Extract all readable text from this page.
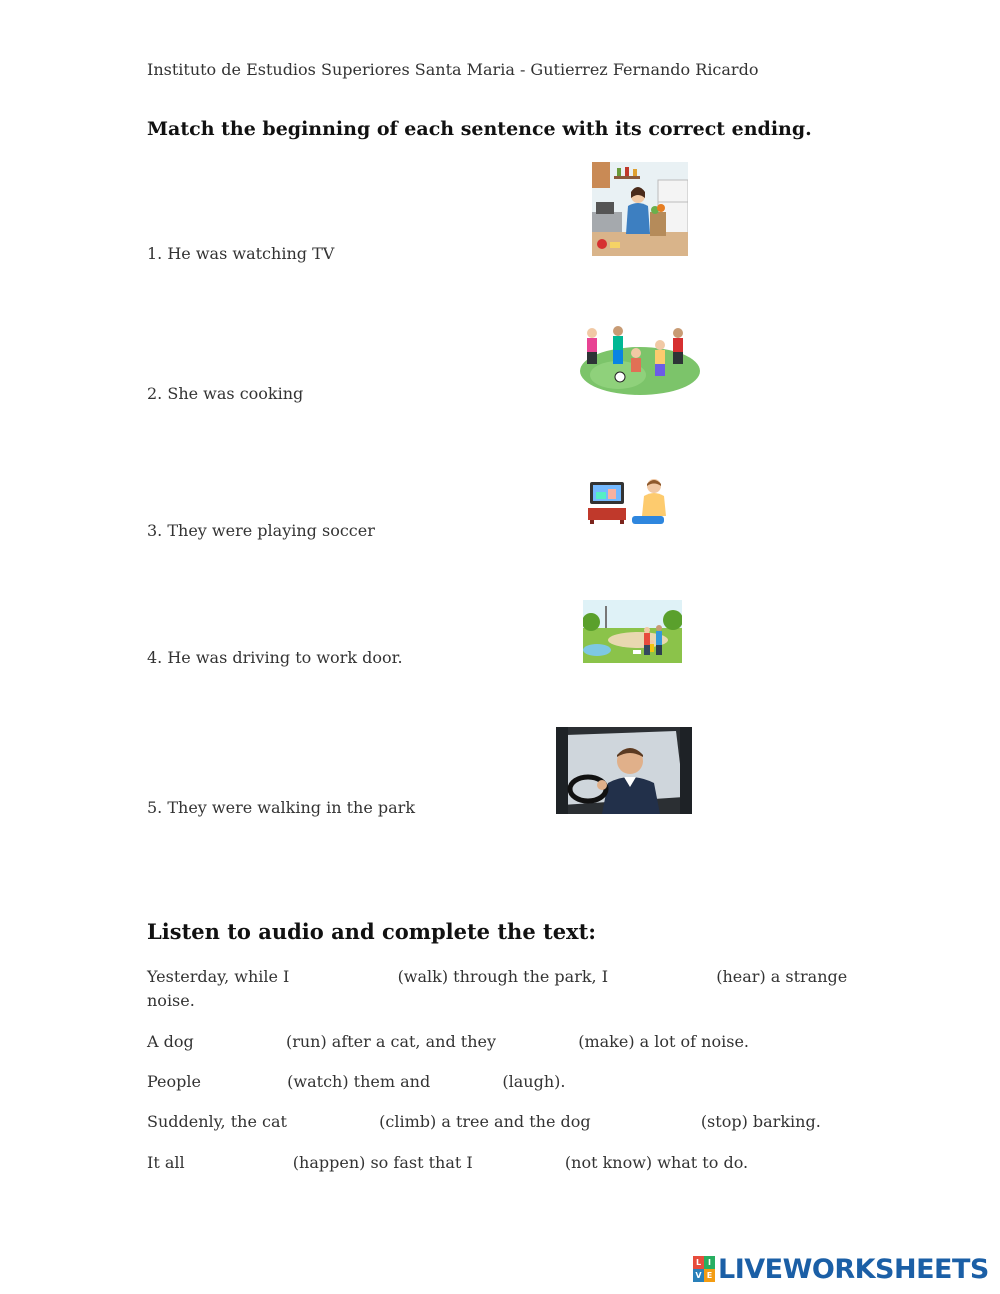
Instituto de Estudios Superiores Santa Maria - Gutierrez Fernando Ricardo
Match the beginning of each sentence with its correct ending.
1. He was watching TV
2. She was cooking
3. They were playing soccer
4. He was driving to work door.
5. They were walking in the park
Listen to audio and complete the text:
Yesterday, while I	(walk) through the park, I	(hear) a strange
noise.
A dog	(run) after a cat, and they	(make) a lot of noise.
People	(watch) them and	(laugh).
Suddenly, the cat	(climb) a tree and the dog	(stop) barking.
It all	(happen) so fast that I	(not know) what to do.
L I
V E LIVEWORKSHEETS
